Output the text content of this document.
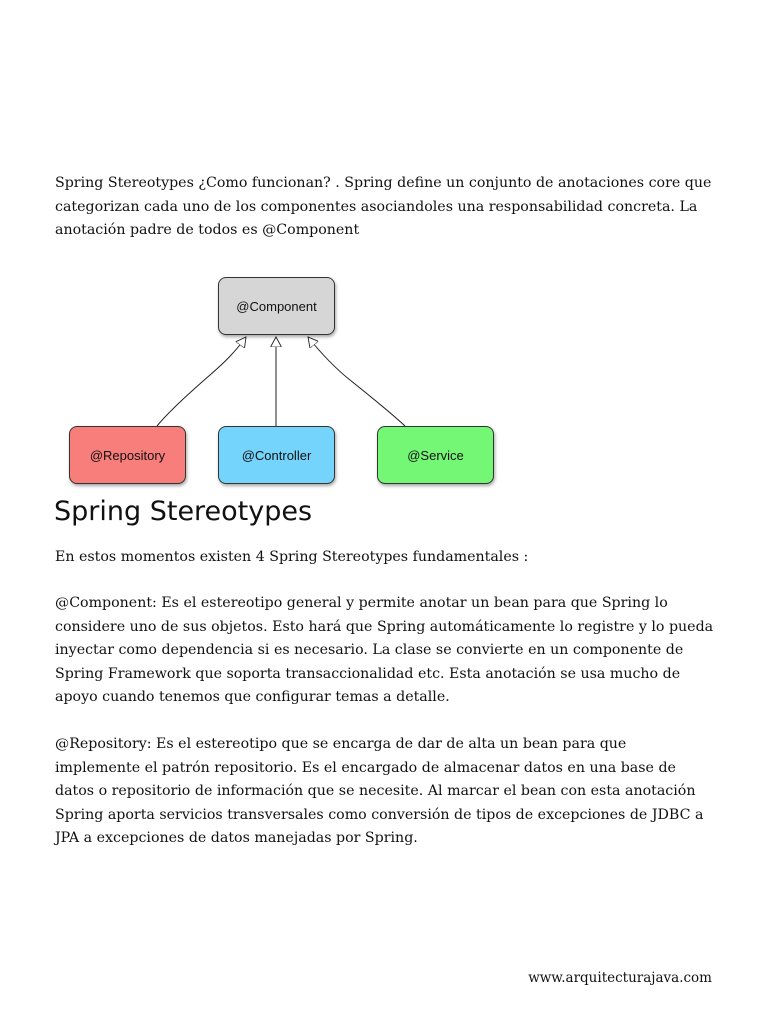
Spring Stereotypes ¿Como funcionan? . Spring define un conjunto de anotaciones core que categorizan cada uno de los componentes asociandoles una responsabilidad concreta. La anotación padre de todos es @Component

@Component
@Repository	@Controller	@Service
Spring Stereotypes

En estos momentos existen 4 Spring Stereotypes fundamentales :

@Component: Es el estereotipo general y permite anotar un bean para que Spring lo considere uno de sus objetos. Esto hará que Spring automáticamente lo registre y lo pueda inyectar como dependencia si es necesario. La clase se convierte en un componente de Spring Framework que soporta transaccionalidad etc. Esta anotación se usa mucho de apoyo cuando tenemos que configurar temas a detalle.

@Repository: Es el estereotipo que se encarga de dar de alta un bean para que implemente el patrón repositorio. Es el encargado de almacenar datos en una base de datos o repositorio de información que se necesite. Al marcar el bean con esta anotación Spring aporta servicios transversales como conversión de tipos de excepciones de JDBC a JPA a excepciones de datos manejadas por Spring.

www.arquitecturajava.com
